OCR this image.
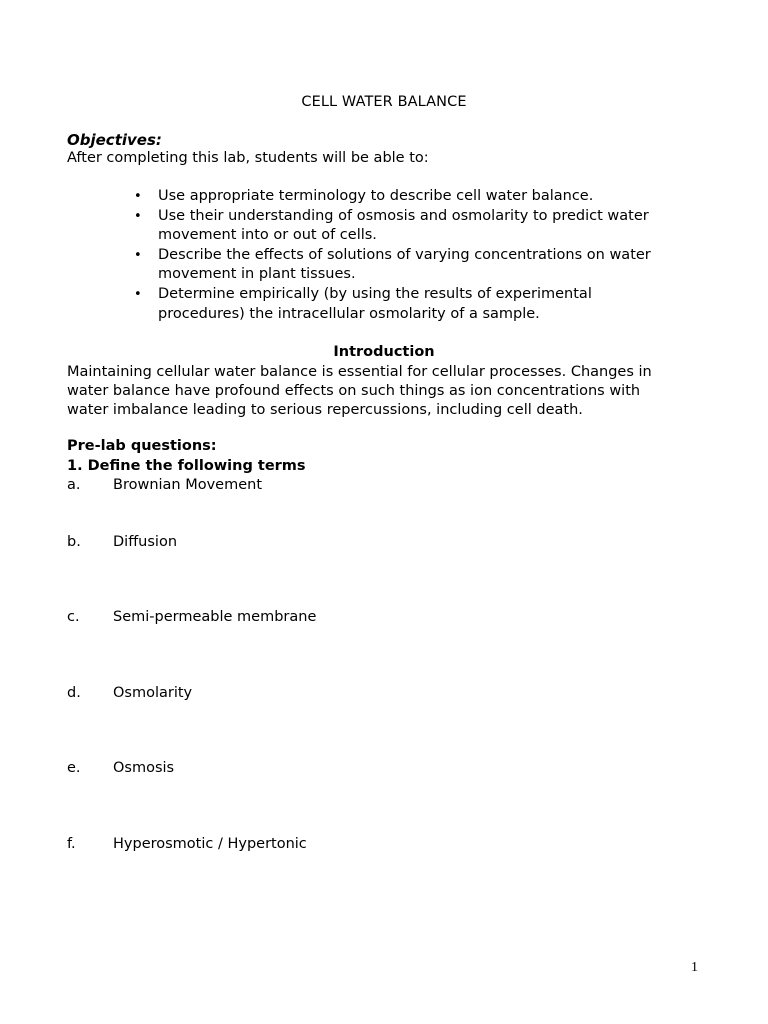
CELL WATER BALANCE
Objectives:
After completing this lab, students will be able to:
• Use appropriate terminology to describe cell water balance.
• Use their understanding of osmosis and osmolarity to predict water
movement into or out of cells.
• Describe the effects of solutions of varying concentrations on water
movement in plant tissues.
• Determine empirically (by using the results of experimental
procedures) the intracellular osmolarity of a sample.
Introduction
Maintaining cellular water balance is essential for cellular processes. Changes in
water balance have profound effects on such things as ion concentrations with
water imbalance leading to serious repercussions, including cell death.
Pre-lab questions:
1. Define the following terms
a. Brownian Movement
b. Diffusion
c. Semi-permeable membrane
d. Osmolarity
e. Osmosis
f.	Hyperosmotic / Hypertonic
1
